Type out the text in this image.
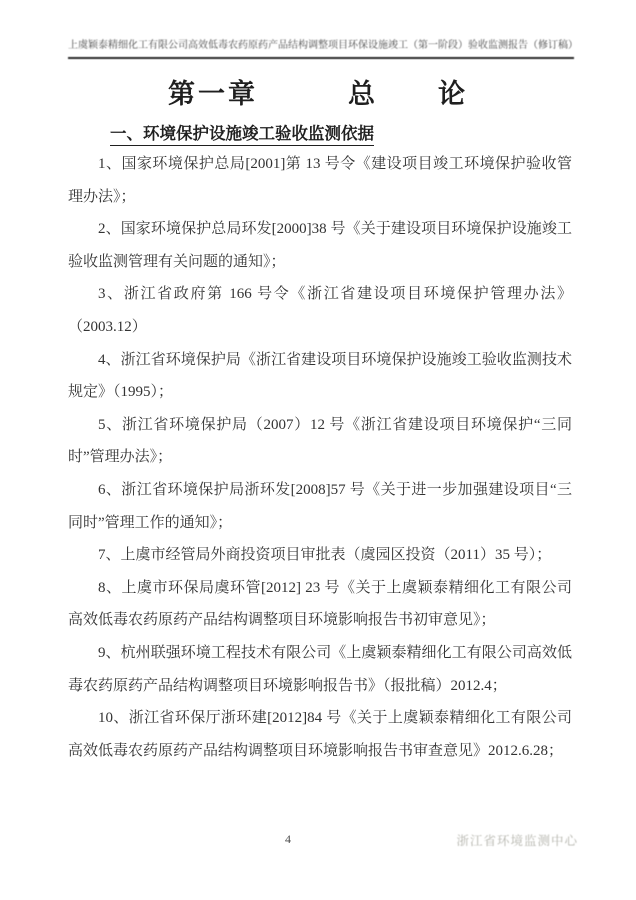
上虞颖泰精细化工有限公司高效低毒农药原药产品结构调整项目环保设施竣工（第一阶段）验收监测报告（修订稿）
第一章　　　总　　论
一、环境保护设施竣工验收监测依据

1、国家环境保护总局[2001]第 13 号令《建设项目竣工环境保护验收管理办法》；

2、国家环境保护总局环发[2000]38 号《关于建设项目环境保护设施竣工验收监测管理有关问题的通知》；

3、浙江省政府第 166 号令《浙江省建设项目环境保护管理办法》（2003.12）

4、浙江省环境保护局《浙江省建设项目环境保护设施竣工验收监测技术规定》（1995）；

5、浙江省环境保护局（2007）12 号《浙江省建设项目环境保护“三同时”管理办法》；

6、浙江省环境保护局浙环发[2008]57 号《关于进一步加强建设项目“三同时”管理工作的通知》；

7、上虞市经管局外商投资项目审批表（虞园区投资（2011）35 号）；

8、上虞市环保局虞环管[2012] 23 号《关于上虞颖泰精细化工有限公司高效低毒农药原药产品结构调整项目环境影响报告书初审意见》；

9、杭州联强环境工程技术有限公司《上虞颖泰精细化工有限公司高效低毒农药原药产品结构调整项目环境影响报告书》（报批稿）2012.4；

10、浙江省环保厅浙环建[2012]84 号《关于上虞颖泰精细化工有限公司高效低毒农药原药产品结构调整项目环境影响报告书审查意见》2012.6.28；

4	浙江省环境监测中心
